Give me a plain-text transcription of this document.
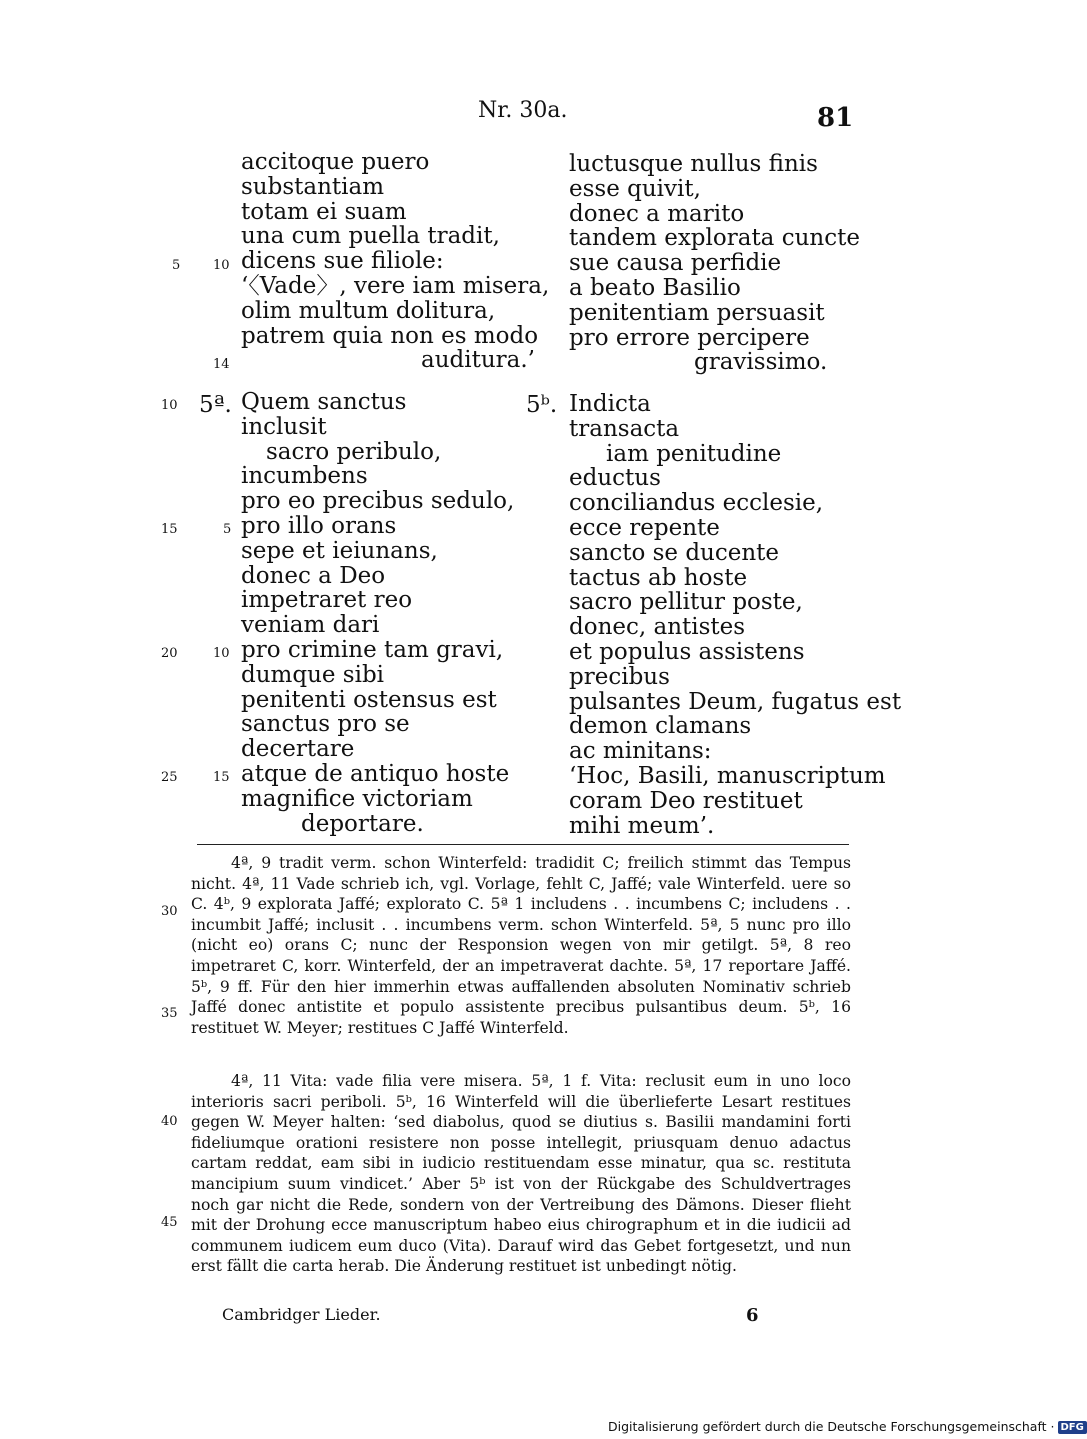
Nr. 30a.	81
accitoque puero
substantiam
totam ei suam
una cum puella tradit,
dicens sue filiole:
‘〈Vade〉, vere iam misera,
olim multum dolitura,
patrem quia non es modo
auditura.’
luctusque nullus finis
esse quivit,
donec a marito
tandem explorata cuncte
sue causa perfidie
a beato Basilio
penitentiam persuasit
pro errore percipere
gravissimo.
5	10
14
5ª.	5ᵇ.
Quem sanctus
inclusit
sacro peribulo,
incumbens
pro eo precibus sedulo,
pro illo orans
sepe et ieiunans,
donec a Deo
impetraret reo
veniam dari
pro crimine tam gravi,
dumque sibi
penitenti ostensus est
sanctus pro se
decertare
atque de antiquo hoste
magnifice victoriam
deportare.
Indicta
transacta
iam penitudine
eductus
conciliandus ecclesie,
ecce repente
sancto se ducente
tactus ab hoste
sacro pellitur poste,
donec, antistes
et populus assistens
precibus
pulsantes Deum, fugatus est
demon clamans
ac minitans:
‘Hoc, Basili, manuscriptum
coram Deo restituet
mihi meum’.
10
15	5
20	10
25	15

4ª, 9 tradit verm. schon Winterfeld: tradidit C; freilich stimmt das Tempus nicht. 4ª, 11 Vade schrieb ich, vgl. Vorlage, fehlt C, Jaffé; vale Winterfeld. uere so C. 4ᵇ, 9 explorata Jaffé; explorato C. 5ª 1 includens . . incumbens C; includens . . incumbit Jaffé; inclusit . . incumbens verm. schon Winterfeld. 5ª, 5 nunc pro illo (nicht eo) orans C; nunc der Responsion wegen von mir getilgt. 5ª, 8 reo impetraret C, korr. Winterfeld, der an impetraverat dachte. 5ª, 17 reportare Jaffé. 5ᵇ, 9 ff. Für den hier immerhin etwas auffallenden absoluten Nominativ schrieb Jaffé donec antistite et populo assistente precibus pulsantibus deum. 5ᵇ, 16 restituet W. Meyer; restitues C Jaffé Winterfeld.

30
35

4ª, 11 Vita: vade filia vere misera. 5ª, 1 f. Vita: reclusit eum in uno loco interioris sacri periboli. 5ᵇ, 16 Winterfeld will die überlieferte Lesart restitues gegen W. Meyer halten: ‘sed diabolus, quod se diutius s. Basilii mandamini forti fideliumque orationi resistere non posse intellegit, priusquam denuo adactus cartam reddat, eam sibi in iudicio restituendam esse minatur, qua sc. restituta mancipium suum vindicet.’ Aber 5ᵇ ist von der Rückgabe des Schuldvertrages noch gar nicht die Rede, sondern von der Vertreibung des Dämons. Dieser flieht mit der Drohung ecce manuscriptum habeo eius chirographum et in die iudicii ad communem iudicem eum duco (Vita). Darauf wird das Gebet fortgesetzt, und nun erst fällt die carta herab. Die Änderung restituet ist unbedingt nötig.

40
45
Cambridger Lieder.	6
Digitalisierung gefördert durch die Deutsche Forschungsgemeinschaft · DFG
